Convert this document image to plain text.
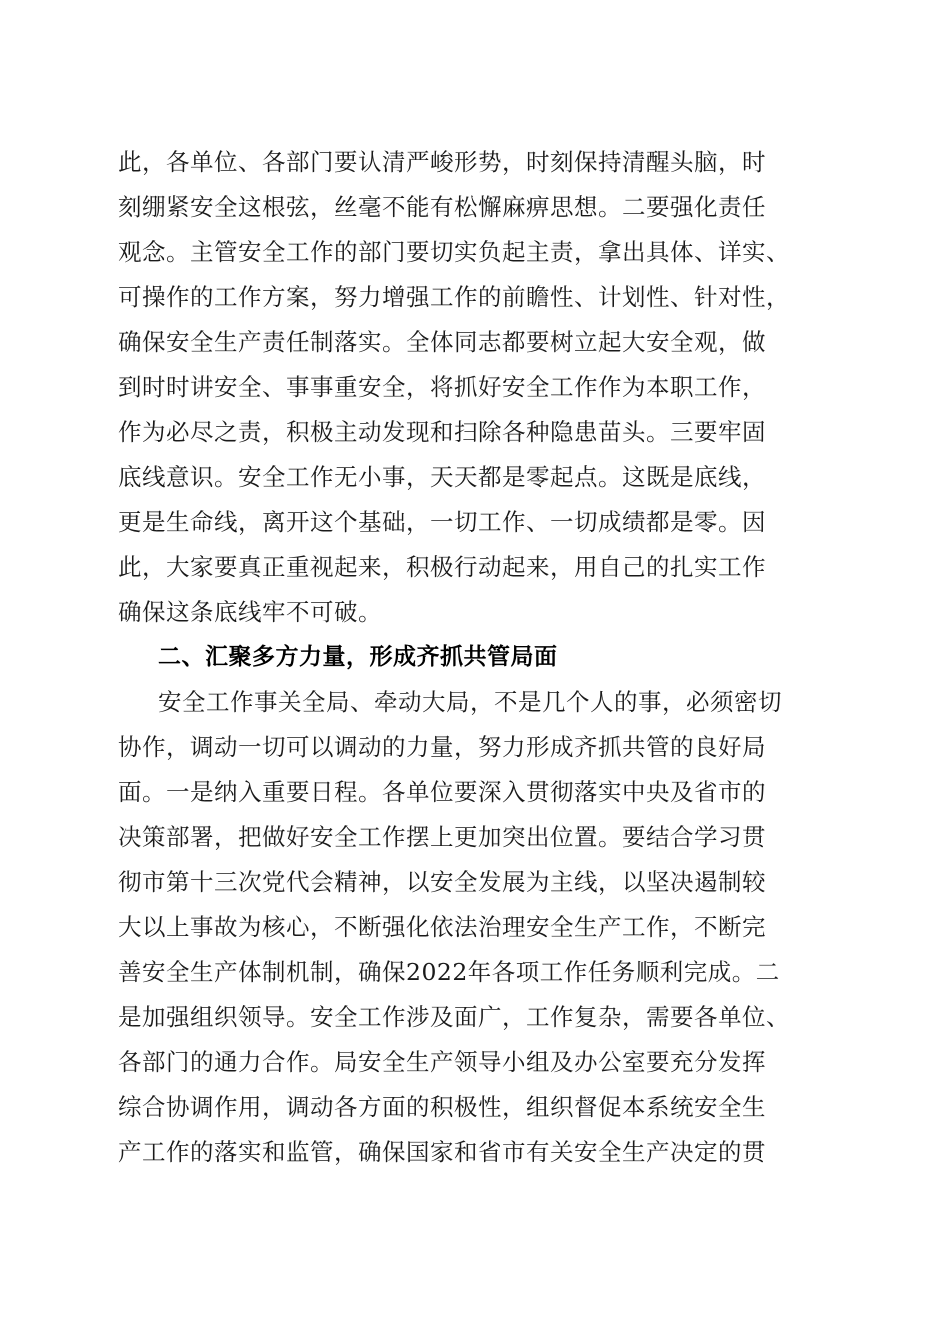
此，各单位、各部门要认清严峻形势，时刻保持清醒头脑，时
刻绷紧安全这根弦，丝毫不能有松懈麻痹思想。二要强化责任
观念。主管安全工作的部门要切实负起主责，拿出具体、详实、
可操作的工作方案，努力增强工作的前瞻性、计划性、针对性，
确保安全生产责任制落实。全体同志都要树立起大安全观，做
到时时讲安全、事事重安全，将抓好安全工作作为本职工作，
作为必尽之责，积极主动发现和扫除各种隐患苗头。三要牢固
底线意识。安全工作无小事，天天都是零起点。这既是底线，
更是生命线，离开这个基础，一切工作、一切成绩都是零。因
此，大家要真正重视起来，积极行动起来，用自己的扎实工作
确保这条底线牢不可破。
二、汇聚多方力量，形成齐抓共管局面
安全工作事关全局、牵动大局，不是几个人的事，必须密切
协作，调动一切可以调动的力量，努力形成齐抓共管的良好局
面。一是纳入重要日程。各单位要深入贯彻落实中央及省市的
决策部署，把做好安全工作摆上更加突出位置。要结合学习贯
彻市第十三次党代会精神，以安全发展为主线，以坚决遏制较
大以上事故为核心，不断强化依法治理安全生产工作，不断完
善安全生产体制机制，确保2022年各项工作任务顺利完成。二
是加强组织领导。安全工作涉及面广，工作复杂，需要各单位、
各部门的通力合作。局安全生产领导小组及办公室要充分发挥
综合协调作用，调动各方面的积极性，组织督促本系统安全生
产工作的落实和监管，确保国家和省市有关安全生产决定的贯
